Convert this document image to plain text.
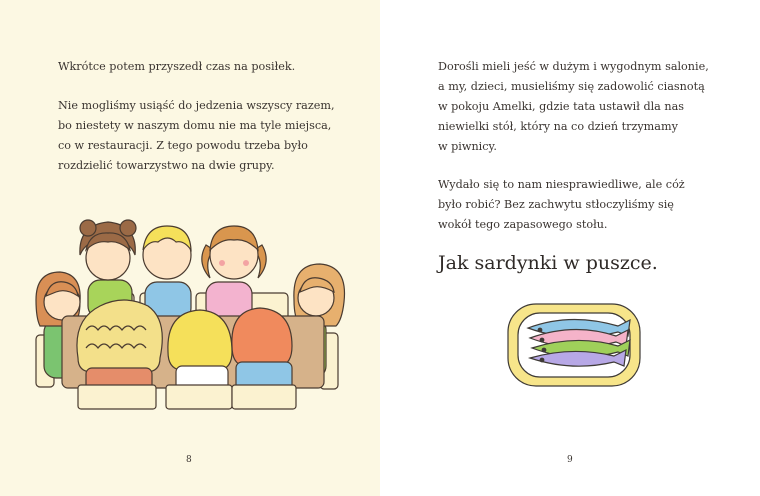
Wkrótce potem przyszedł czas na posiłek.

Nie mogliśmy usiąść do jedzenia wszyscy razem,
bo niestety w naszym domu nie ma tyle miejsca,
co w restauracji. Z tego powodu trzeba było
rozdzielić towarzystwo na dwie grupy.

8

Dorośli mieli jeść w dużym i wygodnym salonie,
a my, dzieci, musieliśmy się zadowolić ciasnotą
w pokoju Amelki, gdzie tata ustawił dla nas
niewielki stół, który na co dzień trzymamy
w piwnicy.

Wydało się to nam niesprawiedliwe, ale cóż
było robić? Bez zachwytu stłoczyliśmy się
wokół tego zapasowego stołu.

Jak sardynki w puszce.
9
